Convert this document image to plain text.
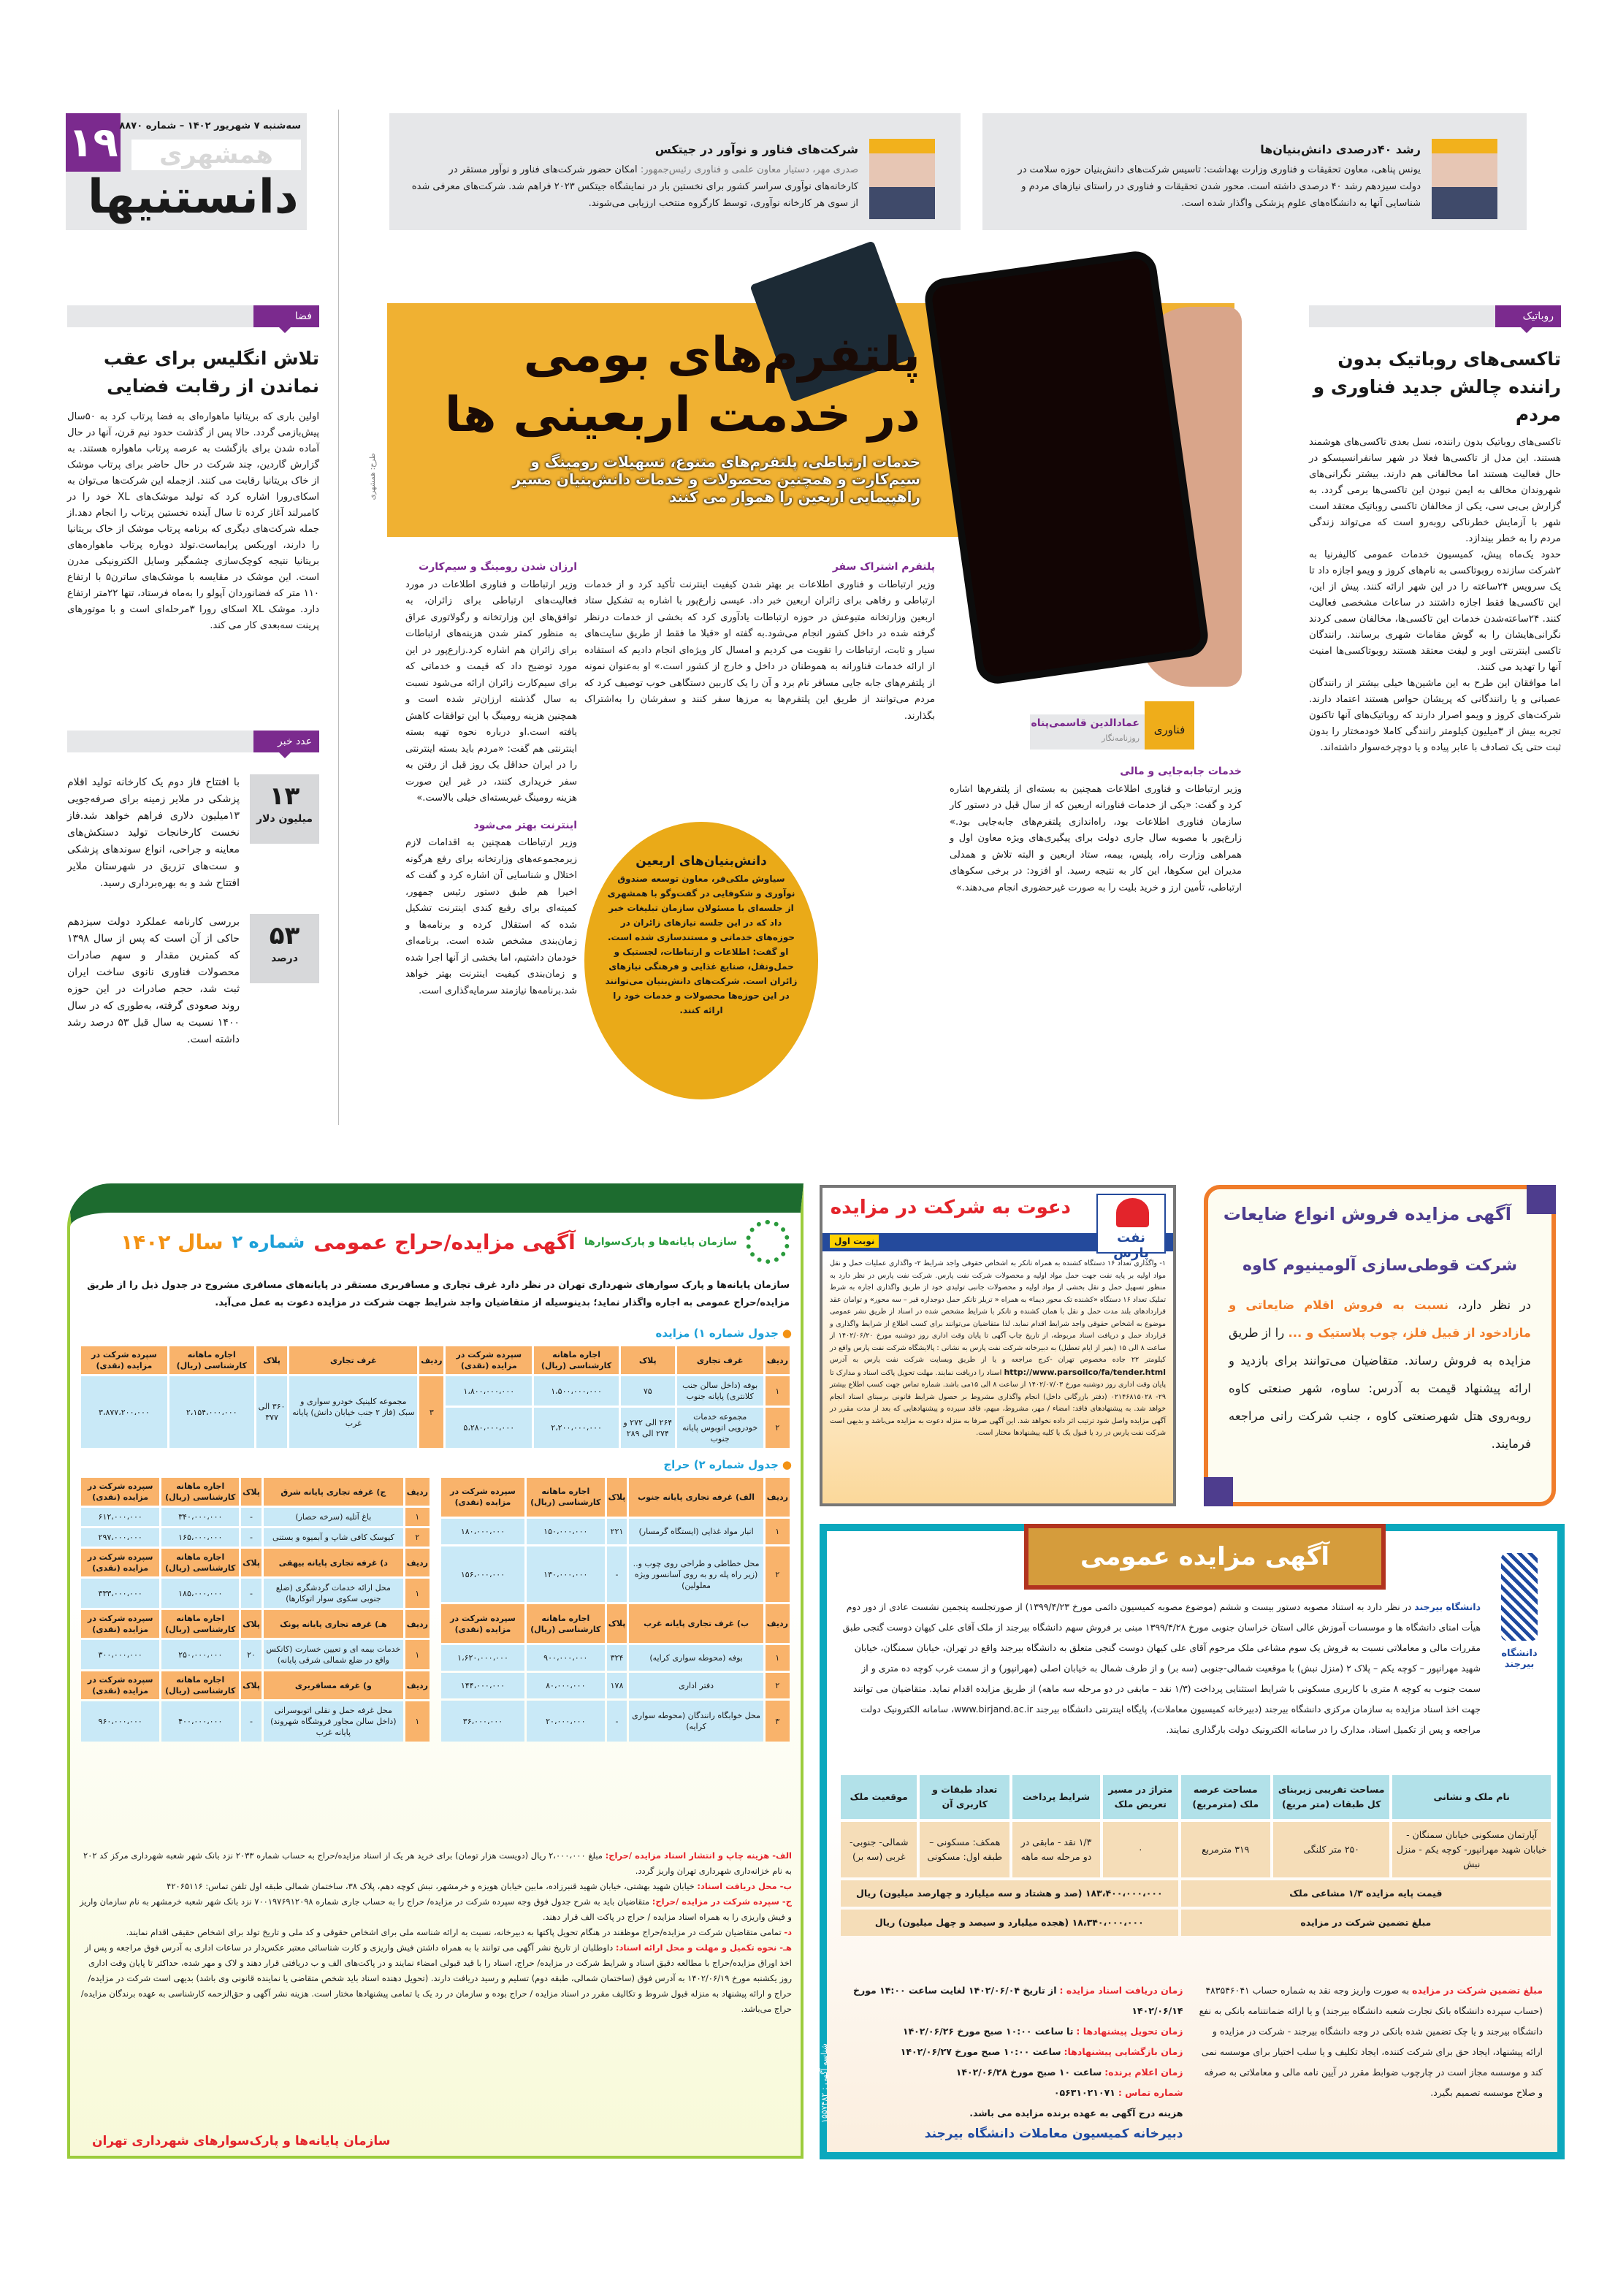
۱۹ سه‌شنبه ۷ شهریور ۱۴۰۲ – شماره ۸۸۷۰
همشهری
دانستنیها
شرکت‌های فناور و نوآور در جیتکس

صدری مهر، دستیار معاون علمی و فناوری رئیس‌جمهور: امکان حضور شرکت‌های فناور و نوآور مستقر در کارخانه‌های نوآوری سراسر کشور برای نخستین بار در نمایشگاه جیتکس ۲۰۲۳ فراهم شد. شرکت‌های معرفی شده از سوی هر کارخانه نوآوری، توسط کارگروه منتخب ارزیابی می‌شوند.

رشد ۴۰درصدی دانش‌بنیان‌ها

یونس پناهی، معاون تحقیقات و فناوری وزارت بهداشت: تاسیس شرکت‌های دانش‌بنیان حوزه سلامت در دولت سیزدهم رشد ۴۰ درصدی داشته است. محور شدن تحقیقات و فناوری در راستای نیازهای مردم و شناسایی آنها به دانشگاه‌های علوم پزشکی واگذار شده است.

فضا
تلاش انگلیس برای عقب نماندن از رقابت فضایی

اولین باری که بریتانیا ماهواره‌ای به فضا پرتاب کرد به ۵۰سال پیش‌بازمی گردد. حالا پس از گذشت حدود نیم قرن، آنها در حال آماده شدن برای بازگشت به عرصه پرتاب ماهواره هستند. به گزارش گاردین، چند شرکت در حال حاضر برای پرتاب موشک از خاک بریتانیا رقابت می کنند. ازجمله این شرکت‌ها می‌توان به اسکای‌رورا اشاره کرد که تولید موشک‌های XL خود را در کامبرلند آغاز کرده تا سال آینده نخستین پرتاب را انجام دهد.از جمله شرکت‌های دیگری که برنامه پرتاب موشک از خاک بریتانیا را دارند، اوربکس پرایماست.تولد دوباره پرتاب ماهواره‌های بریتانیا نتیجه کوچک‌سازی چشمگیر وسایل الکترونیکی مدرن است. این موشک در مقایسه با موشک‌های ساترن۵ با ارتفاع ۱۱۰ متر که فضانوردان آپولو را به‌ماه فرستاد، تنها ۲۲متر ارتفاع دارد. موشک XL اسکای رورا ۳مرحله‌ای است و با موتورهای پرینت سه‌بعدی کار می کند.

عدد خبر
۱۳
میلیون دلار

با افتتاح فاز دوم یک کارخانه تولید اقلام پزشکی در ملایر زمینه برای صرفه‌جویی ۱۳میلیون دلاری فراهم خواهد شد.فاز نخست کارخانجات تولید دستکش‌های معاینه و جراحی، انواع سوندهای پزشکی و ست‌های تزریق در شهرستان ملایر افتتاح شد و به بهره‌برداری رسید.

۵۳
درصد

بررسی کارنامه عملکرد دولت سیزدهم حاکی از آن است که پس از سال ۱۳۹۸ که کمترین مقدار و سهم صادرات محصولات فناوری نانوی ساخت ایران ثبت شد، حجم صادرات در این حوزه روند صعودی گرفته، به‌طوری که در سال ۱۴۰۰ نسبت به سال قبل ۵۳ درصد رشد داشته است.

روباتیک
تاکسی‌های روباتیک بدون راننده چالش جدید فناوری و مردم

تاکسی‌های روباتیک بدون راننده، نسل بعدی تاکسی‌های هوشمند هستند. این مدل از تاکسی‌ها فعلا در شهر سانفرانسیسکو در حال فعالیت هستند اما مخالفانی هم دارند. بیشتر نگرانی‌های شهروندان مخالف به ایمن نبودن این تاکسی‌ها برمی گردد. به گزارش بی‌بی سی، یکی از مخالفان تاکسی روباتیک معتقد است شهر با آزمایش خطرناکی روبه‌رو است که می‌تواند زندگی مردم را به خطر بیندازد.

حدود یک‌ماه پیش، کمیسیون خدمات عمومی کالیفرنیا به ۲شرکت سازنده روبوتاکسی به نام‌های کروز و ویمو اجازه داد تا یک سرویس ۲۴ساعته را در این شهر ارائه کنند. پیش از این، این تاکسی‌ها فقط اجازه داشتند در ساعات مشخصی فعالیت کنند. ۲۴ساعته‌شدن خدمات این تاکسی‌ها، مخالفان سمی کردند نگرانی‌هایشان را به گوش مقامات شهری برسانند. رانندگان تاکسی اینترنتی اوبر و لیفت معتقد هستند روبوتاکسی‌ها امنیت آنها را تهدید می کنند.

اما موافقان این طرح به این ماشین‌ها خیلی بیشتر از رانندگان عصبانی و یا رانندگانی که پریشان حواس هستند اعتماد دارند. شرکت‌های کروز و ویمو اصرار دارند که روباتیک‌های آنها تاکنون تجربه بیش از ۳میلیون کیلومتر رانندگی کاملا خودمختار را بدون ثبت حتی یک تصادف با عابر پیاده و یا دوچرخه‌سوار داشته‌اند.

پلتفرم‌های بومی
در خدمت اربعینی ها
خدمات ارتباطی، پلتفرم‌های متنوع، تسهیلات رومینگ و سیم‌کارت و همچنین محصولات و خدمات دانش‌بنیان مسیر راهپیمایی اربعین را هموار می کنند
طرح: همشهری
پلتفرم اشتراک سفر

وزیر ارتباطات و فناوری اطلاعات بر بهتر شدن کیفیت اینترنت تأکید کرد و از خدمات ارتباطی و رفاهی برای زائران اربعین خبر داد. عیسی زارع‌پور با اشاره به تشکیل ستاد اربعین وزارتخانه متبوعش در حوزه ارتباطات یادآوری کرد که بخشی از خدمات درنظر گرفته شده در داخل کشور انجام می‌شود.به گفته او «قبلا ما فقط از طریق سایت‌های سیار و ثابت، ارتباطات را تقویت می کردیم و امسال کار ویژه‌ای انجام دادیم که استفاده از ارائه خدمات فناورانه به هموطنان در داخل و خارج از کشور است.» او به‌عنوان نمونه از پلتفرم‌های جابه جایی مسافر نام برد و آن را یک کاربین دستگاهی خوب توصیف کرد که مردم می‌توانند از طریق این پلتفرم‌ها به مرزها سفر کنند و سفرشان را به‌اشتراک بگذارند.

ارزان شدن رومینگ و سیم‌کارت

وزیر ارتباطات و فناوری اطلاعات در مورد فعالیت‌های ارتباطی برای زائران، به توافق‌های این وزارتخانه و رگولاتوری عراق به منظور کمتر شدن هزینه‌های ارتباطات برای زائران هم اشاره کرد.زارع‌پور در این مورد توضیح داد که قیمت و خدماتی که برای سیم‌کارت زائران ارائه می‌شود نسبت به سال گذشته ارزان‌تر شده است و همچنین هزینه رومینگ با این توافقات کاهش یافته است.او درباره نحوه تهیه بسته اینترنتی هم گفت: «مردم باید بسته اینترنتی را در ایران حداقل یک روز قبل از رفتن به سفر خریداری کنند، در غیر این صورت هزینه رومینگ غیربسته‌ای خیلی بالاست.»

اینترنت بهتر می‌شود

وزیر ارتباطات همچنین به اقدامات لازم زیرمجموعه‌های وزارتخانه برای رفع هرگونه اختلال و شناسایی آن اشاره کرد و گفت که اخیرا هم طبق دستور رئیس جمهور، کمیته‌ای برای رفیع کندی اینترنت تشکیل شده که استقلال کرده و برنامه‌ها و زمان‌بندی مشخص شده است. برنامه‌ای خودمان داشتیم، اما بخشی از آنها اجرا شده و زمان‌بندی کیفیت اینترنت بهتر خواهد شد.برنامه‌ها نیازمند سرمایه‌گذاری است.

خدمات جابه‌جایی و مالی

وزیر ارتباطات و فناوری اطلاعات همچنین به بسته‌ای از پلتفرم‌ها اشاره کرد و گفت: «یکی از خدمات فناورانه اربعین که از سال قبل در دستور کار سازمان فناوری اطلاعات بود، راه‌اندازی پلتفرم‌های جابه‌جایی بود.» زارع‌پور با مصوبه سال جاری دولت برای پیگیری‌های ویژه معاون اول و همراهی وزارت راه، پلیس، بیمه، ستاد اربعین و البته تلاش و همدلی مدیران این سکوها، این کار به نتیجه رسید. او افزود: در برخی سکوهای ارتباطی، تأمین ارز و خرید بلیت را به صورت غیرحضوری انجام می‌دهند.»

دانش‌بنیان‌های اربعین

سیاوش ملکی‌فر، معاون توسعه صندوق نوآوری و شکوفایی در گفت‌وگو با همشهری از جلسه‌ای با مسئولان سازمان تبلیغات خبر داد که در این جلسه نیازهای زائران در حوزه‌های خدماتی و مستندسازی شده است. او گفت: اطلاعات و ارتباطات، لجستیک و حمل‌ونقل، صنایع غذایی و فرهنگی نیازهای زائران است. شرکت‌های دانش‌بنیان می‌توانند در این حوزه‌ها محصولات و خدمات خود را ارائه کنند.

فناوری
عمادالدین قاسمی‌پناه
روزنامه‌نگار
سازمان پایانه‌ها و پارک‌سوارها
آگهی مزایده/حراج عمومی
شماره ۲
سال ۱۴۰۲
سازمان پایانه‌ها و پارک سوارهای شهرداری تهران در نظر دارد غرف تجاری و مسافربری مستقر در پایانه‌های مسافری مشروح در جدول ذیل را از طریق مزایده/حراج عمومی به اجاره واگذار نماید؛ بدینوسیله از متقاضیان واجد شرایط جهت شرکت در مزایده دعوت به عمل می‌آید.
● جدول شماره ۱) مزایده
ردیف	غرف تجاری	پلاک	اجاره ماهانه کارشناسی (ریال)	سپرده شرکت در مزایده (نقدی)	ردیف	غرف تجاری	پلاک	اجاره ماهانه کارشناسی (ریال)	سپرده شرکت در مزایده (نقدی)
۱	بوفه (داخل سالن جنب کلانتری) پایانه جنوب	۷۵	۱،۵۰۰،۰۰۰،۰۰۰	۱،۸۰۰،۰۰۰،۰۰۰	۳	مجموعه کلینیک خودرو سواری و سبک (فاز ۲ جنب خیابان دانش) پایانه غرب	۳۶۰ الی ۳۷۷	۲،۱۵۴،۰۰۰،۰۰۰	۳،۸۷۷،۲۰۰،۰۰۰
۲	مجموعه خدمات خودرویی اتوبوس پایانه جنوب	۲۶۴ الی ۲۷۲ و ۲۷۴ الی ۲۸۹	۲،۲۰۰،۰۰۰،۰۰۰	۵،۲۸۰،۰۰۰،۰۰۰					
● جدول شماره ۲) حراج
ردیف	الف) غرفه تجاری پایانه جنوب	پلاک	اجاره ماهانه کارشناسی (ریال)	سپرده شرکت در مزایده (نقدی)
۱	انبار مواد غذایی (ایستگاه گرمسار)	۲۲۱	۱۵۰،۰۰۰،۰۰۰	۱۸۰،۰۰۰،۰۰۰
۲	محل خطاطی و طراحی روی چوب و.. (زیر راه پله رو به روی آسانسور ویژه معلولین)	-	۱۳۰،۰۰۰،۰۰۰	۱۵۶،۰۰۰،۰۰۰
ردیف	ب) غرف تجاری پایانه غرب	پلاک	اجاره ماهانه کارشناسی (ریال)	سپرده شرکت در مزایده (نقدی)
۱	بوفه (محوطه سواری کرایه)	۳۲۴	۹۰۰،۰۰۰،۰۰۰	۱،۶۲۰،۰۰۰،۰۰۰
۲	دفتر اداری	۱۷۸	۸۰،۰۰۰،۰۰۰	۱۴۴،۰۰۰،۰۰۰
۳	محل خوابگاه رانندگان (محوطه سواری کرایه)	-	۲۰،۰۰۰،۰۰۰	۳۶،۰۰۰،۰۰۰
ردیف	ج) غرفه تجاری پایانه شرق	پلاک	اجاره ماهانه کارشناسی (ریال)	سپرده شرکت در مزایده (نقدی)
۱	باغ آتلیه (سرخه حصار)	-	۳۴۰،۰۰۰،۰۰۰	۶۱۲،۰۰۰،۰۰۰
۲	کیوسک کافی شاپ و آبمیوه و بستنی	-	۱۶۵،۰۰۰،۰۰۰	۲۹۷،۰۰۰،۰۰۰
ردیف	د) غرفه تجاری پایانه بیهقی	پلاک	اجاره ماهانه کارشناسی (ریال)	سپرده شرکت در مزایده (نقدی)
۱	محل ارائه خدمات گردشگری (ضلع جنوبی سکوی سوار اتوکارها)	-	۱۸۵،۰۰۰،۰۰۰	۳۳۳،۰۰۰،۰۰۰
ردیف	هـ) غرفه تجاری پایانه پونک	پلاک	اجاره ماهانه کارشناسی (ریال)	سپرده شرکت در مزایده (نقدی)
۱	خدمات بیمه ای و تعیین خسارت (کانکس واقع در ضلع شمالی شرقی پایانه)	۲۰	۲۵۰،۰۰۰،۰۰۰	۳۰۰،۰۰۰،۰۰۰
ردیف	و) غرفه مسافربری	پلاک	اجاره ماهانه کارشناسی (ریال)	سپرده شرکت در مزایده (نقدی)
۱	محل غرفه حمل و نقلی اتوبوسرانی (داخل سالن مجاور فروشگاه شهروند) پایانه غرب	-	۴۰۰،۰۰۰،۰۰۰	۹۶۰،۰۰۰،۰۰۰
الف- هزینه چاپ و انتشار اسناد مزایده /حراج: مبلغ ۲،۰۰۰،۰۰۰ ریال (دویست هزار تومان) برای خرید هر یک از اسناد مزایده/حراج به حساب شماره ۲۰۳۳ نزد بانک شهر شعبه شهرداری مرکز کد ۲۰۲ به نام خزانه‌داری شهرداری تهران واریز گردد.
ب- محل دریافت اسناد: خیابان شهید بهشتی، خیابان شهید قنبرزاده، مابین خیابان هویزه و خرمشهر، نبش کوچه دهم، پلاک ۳۸، ساختمان شمالی طبقه اول تلفن تماس: ۴۲۰۶۵۱۱۶
ج- سپرده شرکت در مزایده /حراج: متقاضیان باید به شرح جدول فوق وجه سپرده شرکت در مزایده/ حراج را به حساب جاری شماره ۷۰۰۱۹۷۶۹۱۲۰۹۸ نزد بانک شهر شعبه خرمشهر به نام سازمان واریز و فیش واریزی را به همراه اسناد مزایده / حراج در پاکت الف قرار دهند.
د- تمامی متقاضیان شرکت در مزایده/حراج موظفند در هنگام تحویل پاکتها به دبیرخانه، نسبت به ارائه شناسه ملی برای اشخاص حقوقی و کد ملی و تاریخ تولد برای اشخاص حقیقی اقدام نمایند.
هـ- نحوه تکمیل و مهلت و محل ارائه اسناد: داوطلبان از تاریخ نشر آگهی می توانند با به همراه داشتن فیش واریزی و کارت شناسائی معتبر عکس‌دار در ساعات اداری به آدرس فوق مراجعه و پس از اخذ اوراق مزایده/حراج با مطالعه دقیق اسناد و شرایط شرکت در مزایده/ حراج، اسناد را با قید قبولی امضاء نمایند و در پاکت‌های الف و ب دریافتی قرار دهند و لاک و مهر شده، حداکثر تا پایان وقت اداری روز یکشنبه مورخ ۱۴۰۲/۰۶/۱۹ به آدرس فوق (ساختمان شمالی، طبقه دوم) تسلیم و رسید دریافت دارند. (تحویل دهنده اسناد باید شخص متقاضی یا نماینده قانونی وی باشد) بدیهی است شرکت در مزایده/ حراج و ارائه پیشنهاد به منزله قبول شروط و تکالیف مقرر در اسناد مزایده / حراج بوده و سازمان در رد یک یا تمامی پیشنهادها مختار است. هزینه نشر آگهی و حق‌الزحمه کارشناسی به عهده برندگان مزایده/ حراج می‌باشد.
سازمان پایانه‌ها و پارک‌سوارهای شهرداری تهران
نفت پارس
دعوت به شرکت در مزایده
نوبت اول
۱- واگذاری تعداد ۱۶ دستگاه کشنده به همراه تانکر به اشخاص حقوقی واجد شرایط ۲- واگذاری عملیات حمل و نقل مواد اولیه بر پایه نفت جهت حمل مواد اولیه و محصولات شرکت نفت پارس. شرکت نفت پارس در نظر دارد به منظور تسهیل حمل و نقل بخشی از مواد اولیه و محصولات جانبی تولیدی خود از طریق واگذاری اجاره به شرط تملیک تعداد ۱۶ دستگاه «کشنده تک محور دیما» به همراه « تریلر تانکر حمل دوجداره قیر – سه محور» و توامان عقد قراردادهای بلند مدت حمل و نقل با همان کشنده و تانکر با شرایط مشخص شده در اسناد از طریق نشر عمومی موضوع به اشخاص حقوقی واجد شرایط اقدام نماید. لذا متقاضیان می‌توانند برای کسب اطلاع از شرایط واگذاری و قرارداد حمل و دریافت اسناد مربوطه، از تاریخ چاپ آگهی تا پایان وقت اداری روز دوشنبه مورخ ۱۴۰۲/۰۶/۲۰ از ساعت ۸ الی ۱۵ (بغیر از ایام تعطیل) به دبیرخانه شرکت نفت پارس به نشانی : پالایشگاه شرکت نفت پارس واقع در کیلومتر ۲۲ جاده مخصوص تهران -کرج مراجعه و یا از طریق وبسایت شرکت نفت پارس به آدرس http://www.parsoilco/fa/tender.html اسناد را دریافت نمایند. مهلت تحویل پاکت اسناد و مدارک تا پایان وقت اداری روز دوشنبه مورخ ۱۴۰۲/۰۷/۰۳ از ساعت ۸ الی ۱۵می باشد. شماره تماس جهت کسب اطلاع بیشتر ۲۹- ۰۲۱۴۶۸۱۵۰۲۸ (دفتر بازرگانی داخل) انجام واگذاری مشروط بر حصول شرایط قانونی برمبنای اسناد انجام خواهد شد. به پیشنهادهای فاقد: امضاء / مهر، مشروط، مبهم، فاقد سپرده و پیشنهادهایی که بعد از مدت مقرر در آگهی مزایده واصل شود ترتیب اثر داده نخواهد شد. این آگهی صرفا به منزله دعوت به مزایده می‌باشد و بدیهی است شرکت نفت پارس در رد یا قبول یک یا کلیه پیشنهادها مختار است.
آگهی مزایده فروش انواع ضایعات
شرکت قوطی‌سازی آلومینیوم کاوه

در نظر دارد، نسبت به فروش اقلام ضایعاتی و مازادخود از قبیل فلز، چوب پلاستیک و ... را از طریق مزایده به فروش رساند. متقاضیان می‌توانند برای بازدید و ارائه پیشنهاد قیمت به آدرس: ساوه، شهر صنعتی کاوه روبه‌روی هتل شهرصنعتی کاوه ، جنب شرکت رانی مراجعه فرمایند.

آگهی مزایده عمومی
دانشگاه بیرجند
دانشگاه بیرجند در نظر دارد به استناد مصوبه دستور بیست و ششم (موضوع مصوبه کمیسیون دائمی مورخ ۱۳۹۹/۴/۲۳) از صورتجلسه پنجمین نشست عادی از دور دوم هیأت امنای دانشگاه ها و موسسات آموزش عالی استان خراسان جنوبی مورخ ۱۳۹۹/۴/۲۸ مبنی بر فروش سهم دانشگاه بیرجند از ملک آقای علی کیهان دوست گنجی طبق مقررات مالی و معاملاتی نسبت به فروش یک سوم مشاعی ملک مرحوم آقای علی کیهان دوست گنجی متعلق به دانشگاه بیرجند واقع در تهران، خیابان سمنگان، خیابان شهید مهرانپور – کوچه یکم – پلاک ۲ (منزل نبش) با موقعیت شمالی-جنوبی (سه بر) و از طرف شمال به خیابان اصلی (مهرانپور) و از سمت غرب کوچه ده متری و از سمت جنوب به کوچه ۸ متری با کاربری مسکونی با شرایط استثنایی پرداخت (۱/۳ نقد – مابقی در دو مرحله سه ماهه) از طریق مزایده اقدام نماید. متقاضیان می توانند جهت اخذ اسناد مزایده به سازمان مرکزی دانشگاه بیرجند (دبیرخانه کمیسیون معاملات)، پایگاه اینترنتی دانشگاه بیرجند www.birjand.ac.ir، سامانه الکترونیک دولت مراجعه و پس از تکمیل اسناد، مدارک را در سامانه الکترونیک دولت بارگذاری نمایند.
نام ملک و نشانی	مساحت تقریبی زیربنای کل طبقات (متر مربع)	مساحت عرصه ملک (مترمربع)	متراژ در مسیر تعریض ملک	شرایط پرداخت	تعداد طبقات و کاربری آن	موقعیت ملک
آپارتمان مسکونی خیابان سمنگان - خیابان شهید مهرانپور- کوچه یکم - منزل نبش	۲۵۰ متر کلنگی	۳۱۹ مترمربع	۰	۱/۳ نقد - مابقی در دو مرحله سه ماهه	همکف: مسکونی – طبقه اول: مسکونی	شمالی- جنوبی- غربی (سه بر)
قیمت پایه مزایده ۱/۳ مشاعی ملک			۱۸۳،۴۰۰،۰۰۰،۰۰۰ (صد و هشتاد و سه میلیارد و چهارصد میلیون) ریال			
مبلغ تضمین شرکت در مزایده			۱۸،۳۴۰،۰۰۰،۰۰۰ (هجده میلیارد و سیصد و چهل میلیون) ریال			
مبلغ تضمین شرکت در مزایده به صورت واریز وجه نقد به شماره حساب ۴۸۳۵۴۶۰۴۱ (حساب سپرده دانشگاه بانک تجارت شعبه دانشگاه بیرجند) و یا ارائه ضمانتنامه بانکی به نفع دانشگاه بیرجند و یا چک تضمین شده بانکی در وجه دانشگاه بیرجند - شرکت در مزایده و ارائه پیشنهاد، ایجاد حق برای شرکت کننده، ایجاد تکلیف و یا سلب اختیار برای موسسه نمی کند و موسسه مجاز است در چارچوب ضوابط مقرر در آیین نامه مالی و معاملاتی به صرفه و صلاح موسسه تصمیم بگیرد.
زمان دریافت اسناد مزایده : از تاریخ ۱۴۰۲/۰۶/۰۴ لغایت ساعت ۱۴:۰۰ مورخ ۱۴۰۲/۰۶/۱۴
زمان تحویل پیشنهادها : تا ساعت ۱۰:۰۰ صبح مورخ ۱۴۰۲/۰۶/۲۶
زمان بازگشایی پیشنهادها: ساعت ۱۰:۰۰ صبح مورخ ۱۴۰۲/۰۶/۲۷
زمان اعلام برنده: ساعت ۱۰ صبح مورخ ۱۴۰۲/۰۶/۲۸
شماره تماس : ۰۵۶۳۱۰۲۱۰۷۱
هزینه درج آگهی به عهده برنده مزایده می باشد.
دبیرخانه کمیسیون معاملات دانشگاه بیرجند
شناسه آگهی : ۱۵۵۷۴۸۲
